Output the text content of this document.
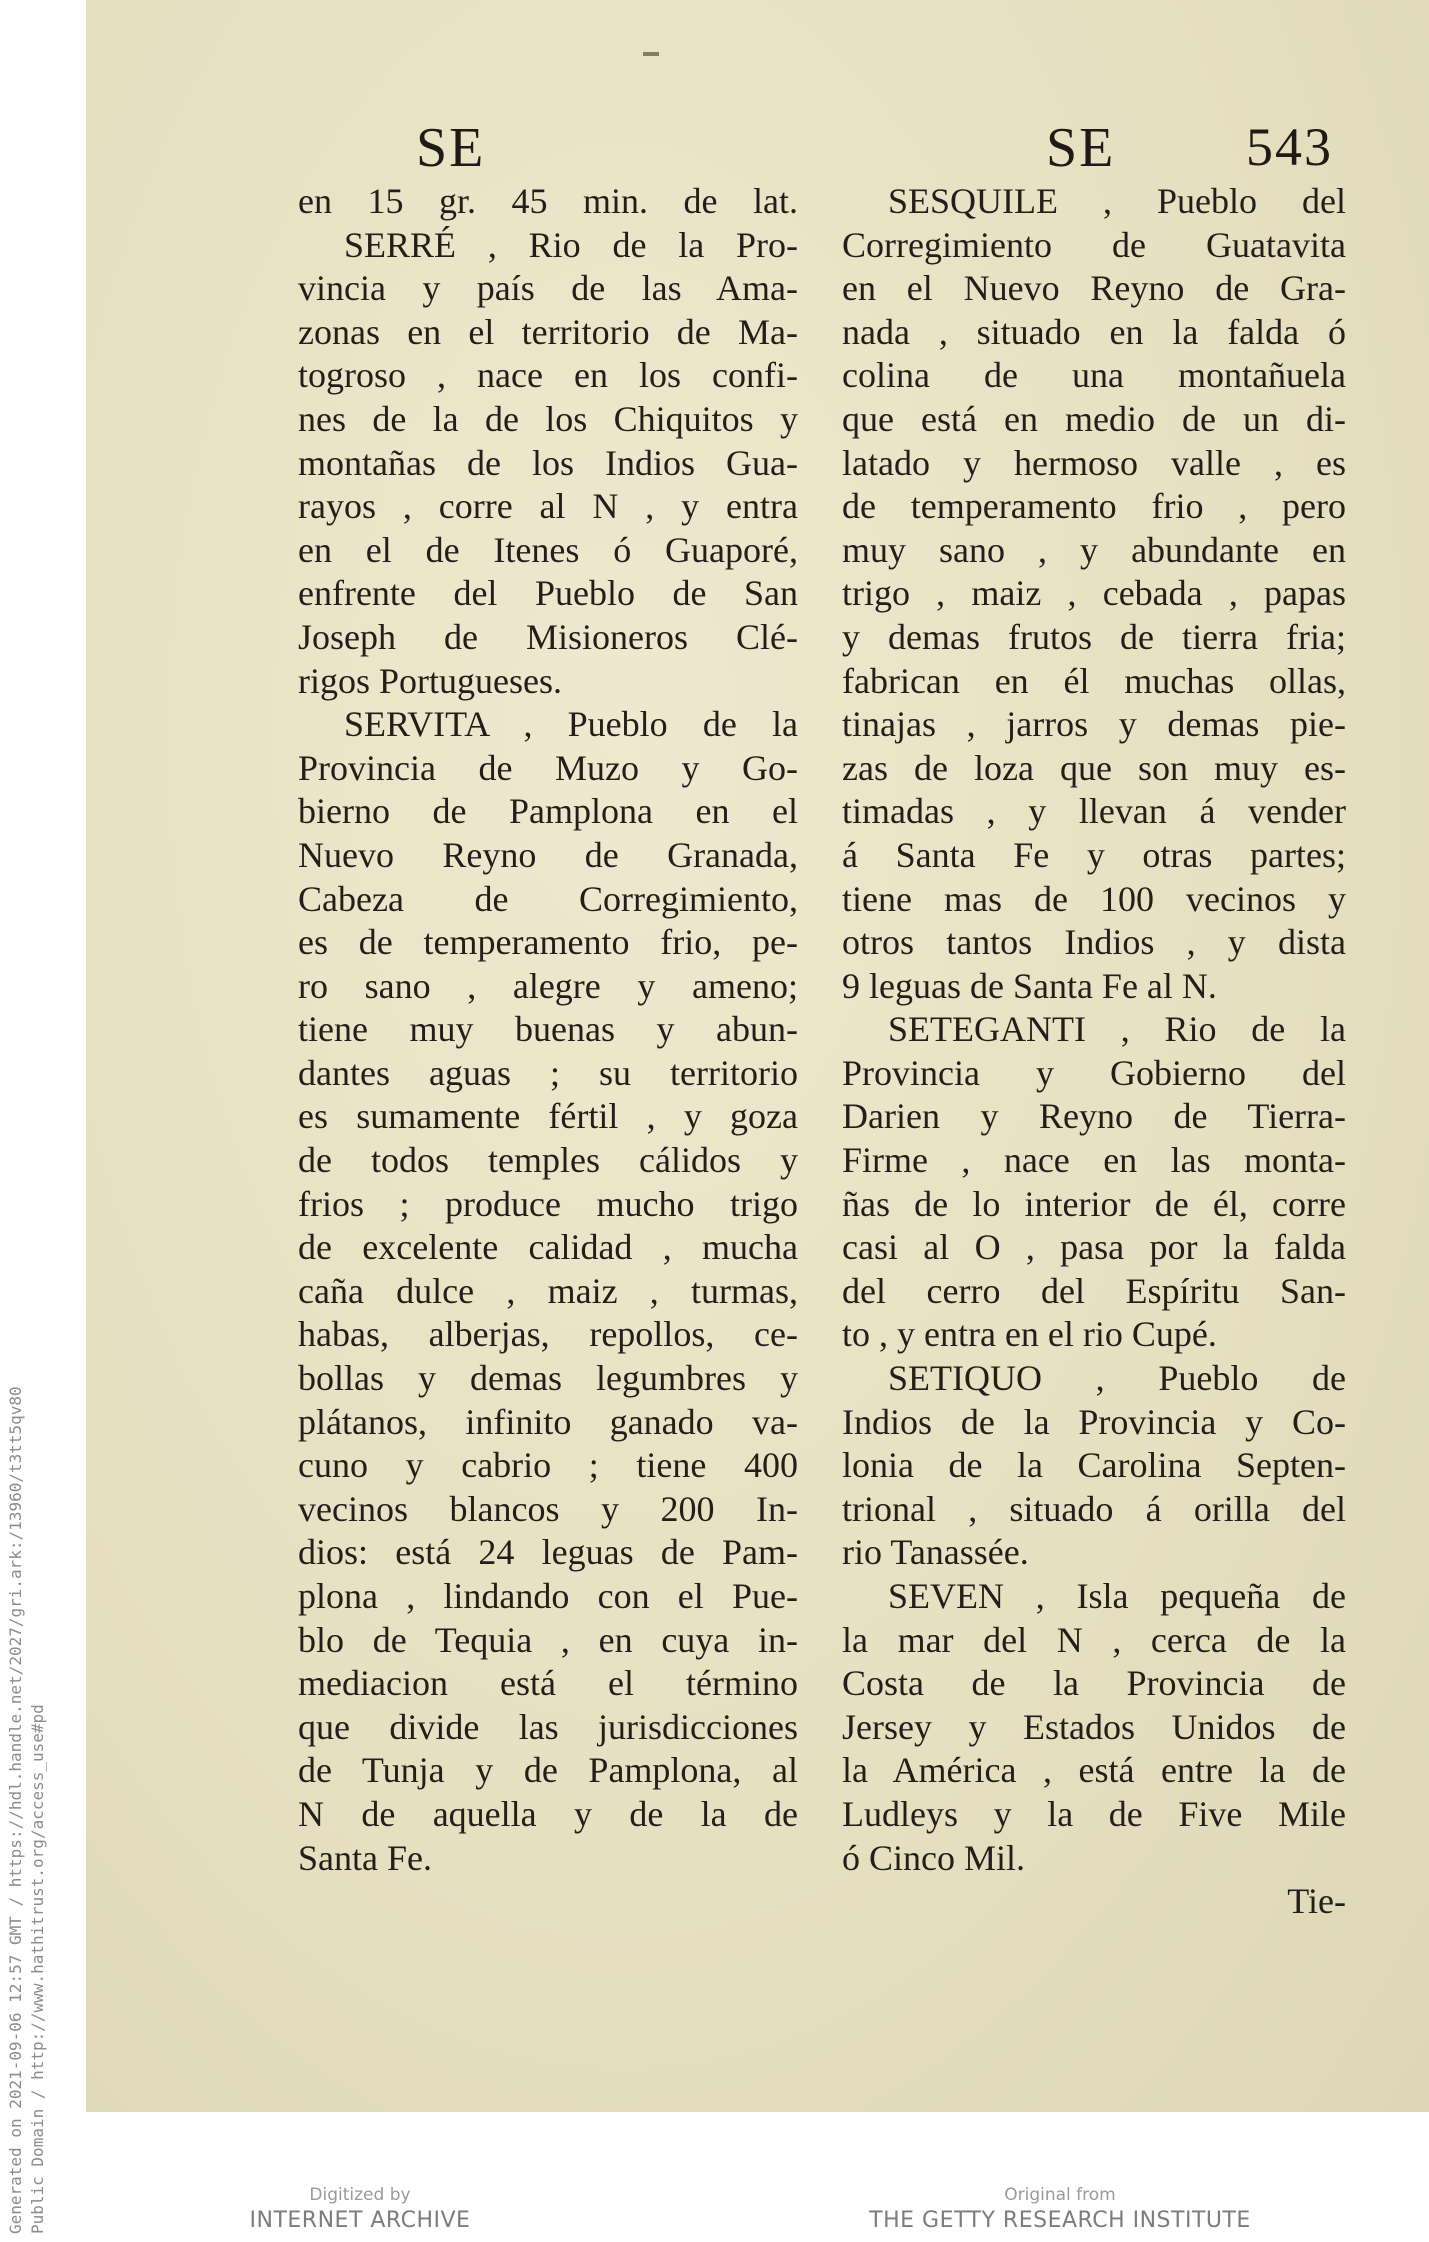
SE	SE 543
en 15 gr. 45 min. de lat.
SERRÉ , Rio de la Pro-
vincia y país de las Ama-
zonas en el territorio de Ma-
togroso , nace en los confi-
nes de la de los Chiquitos y
montañas de los Indios Gua-
rayos , corre al N , y entra
en el de Itenes ó Guaporé,
enfrente del Pueblo de San
Joseph de Misioneros Clé-
rigos Portugueses.
SERVITA , Pueblo de la
Provincia de Muzo y Go-
bierno de Pamplona en el
Nuevo Reyno de Granada,
Cabeza de Corregimiento,
es de temperamento frio, pe-
ro sano , alegre y ameno;
tiene muy buenas y abun-
dantes aguas ; su territorio
es sumamente fértil , y goza
de todos temples cálidos y
frios ; produce mucho trigo
de excelente calidad , mucha
caña dulce , maiz , turmas,
habas, alberjas, repollos, ce-
bollas y demas legumbres y
plátanos, infinito ganado va-
cuno y cabrio ; tiene 400
vecinos blancos y 200 In-
dios: está 24 leguas de Pam-
plona , lindando con el Pue-
blo de Tequia , en cuya in-
mediacion está el término
que divide las jurisdicciones
de Tunja y de Pamplona, al
N de aquella y de la de
Santa Fe.
SESQUILE , Pueblo del
Corregimiento de Guatavita
en el Nuevo Reyno de Gra-
nada , situado en la falda ó
colina de una montañuela
que está en medio de un di-
latado y hermoso valle , es
de temperamento frio , pero
muy sano , y abundante en
trigo , maiz , cebada , papas
y demas frutos de tierra fria;
fabrican en él muchas ollas,
tinajas , jarros y demas pie-
zas de loza que son muy es-
timadas , y llevan á vender
á Santa Fe y otras partes;
tiene mas de 100 vecinos y
otros tantos Indios , y dista
9 leguas de Santa Fe al N.
SETEGANTI , Rio de la
Provincia y Gobierno del
Darien y Reyno de Tierra-
Firme , nace en las monta-
ñas de lo interior de él, corre
casi al O , pasa por la falda
del cerro del Espíritu San-
to , y entra en el rio Cupé.
SETIQUO , Pueblo de
Indios de la Provincia y Co-
lonia de la Carolina Septen-
trional , situado á orilla del
rio Tanassée.
SEVEN , Isla pequeña de
la mar del N , cerca de la
Costa de la Provincia de
Jersey y Estados Unidos de
la América , está entre la de
Ludleys y la de Five Mile
ó Cinco Mil.
Tie-
Generated on 2021-09-06 12:57 GMT / https://hdl.handle.net/2027/gri.ark:/13960/t3tt5qv80 Public Domain / http://www.hathitrust.org/access_use#pd	Digitized by
INTERNET ARCHIVE
Original from
THE GETTY RESEARCH INSTITUTE
